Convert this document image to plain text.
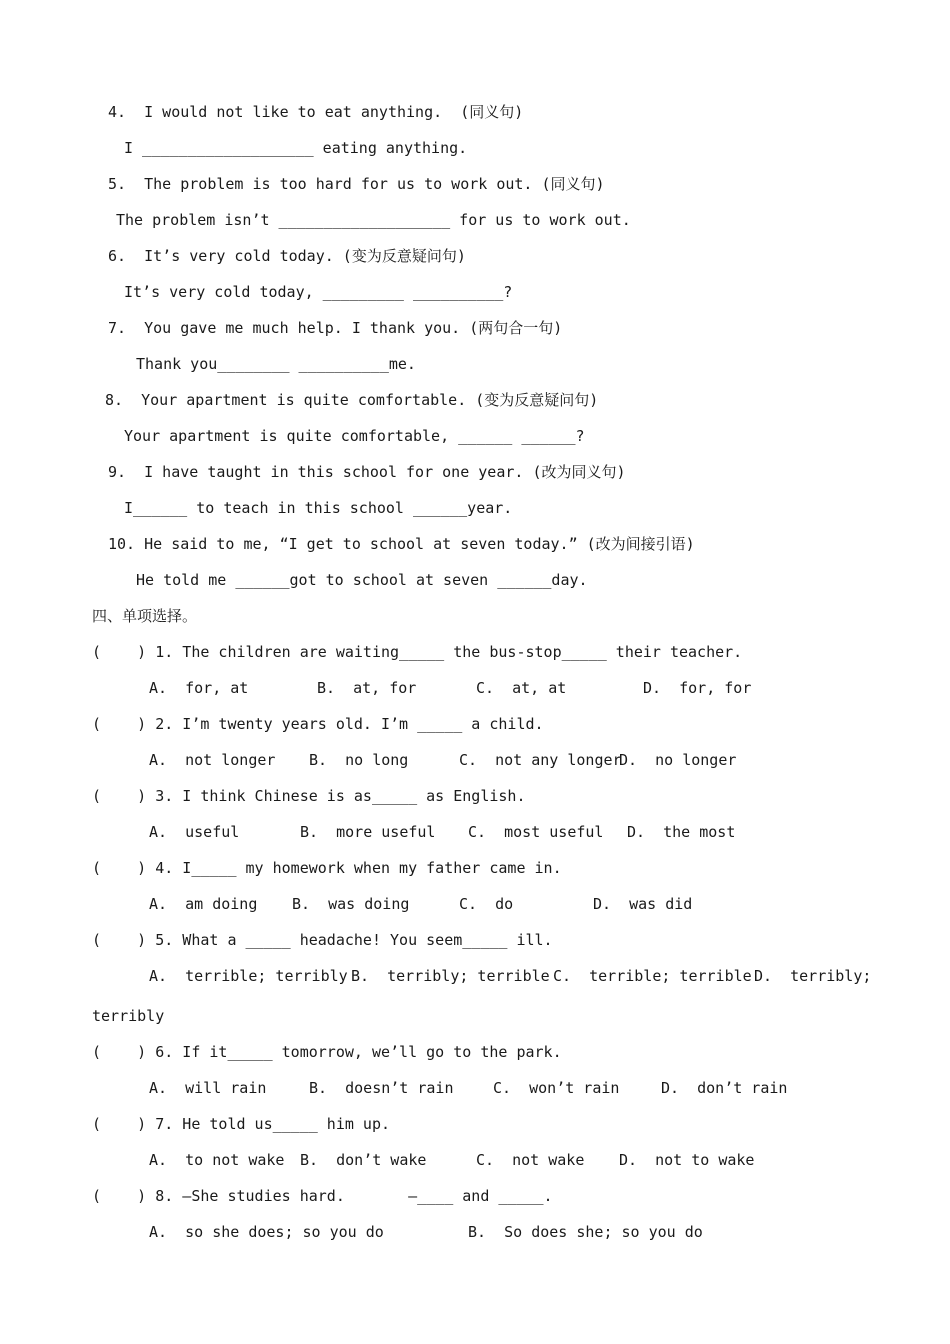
4.  I would not like to eat anything.  (同义句)
I ___________________ eating anything.
5.  The problem is too hard for us to work out. (同义句)
The problem isn’t ___________________ for us to work out.
6.  It’s very cold today. (变为反意疑问句)
It’s very cold today, _________ __________?
7.  You gave me much help. I thank you. (两句合一句)
Thank you________ __________me.
8.  Your apartment is quite comfortable. (变为反意疑问句)
Your apartment is quite comfortable, ______ ______?
9.  I have taught in this school for one year. (改为同义句)
I______ to teach in this school ______year.
10. He said to me, “I get to school at seven today.” (改为间接引语)
He told me ______got to school at seven ______day.
四、单项选择。
(    ) 1. The children are waiting_____ the bus-stop_____ their teacher.
A.  for, at	B.  at, for	C.  at, at	D.  for, for
(    ) 2. I’m twenty years old. I’m _____ a child.
A.  not longer B.  no long	C.  not any longer
D.  no longer
(    ) 3. I think Chinese is as_____ as English.
A.  useful	B.  more useful C.  most useful D.  the most
(    ) 4. I_____ my homework when my father came in.
A.  am doing B.  was doing	C.  do	D.  was did
(    ) 5. What a _____ headache! You seem_____ ill.
A.  terrible; terribly B.  terribly; terrible C.  terrible; terrible D.  terribly;
terribly
(    ) 6. If it_____ tomorrow, we’ll go to the park.
A.  will rain	B.  doesn’t rain	C.  won’t rain	D.  don’t rain
(    ) 7. He told us_____ him up.
A.  to not wake B.  don’t wake	C.  not wake D.  not to wake
(    ) 8. —She studies hard.       —____ and _____.
A.  so she does; so you do	B.  So does she; so you do
